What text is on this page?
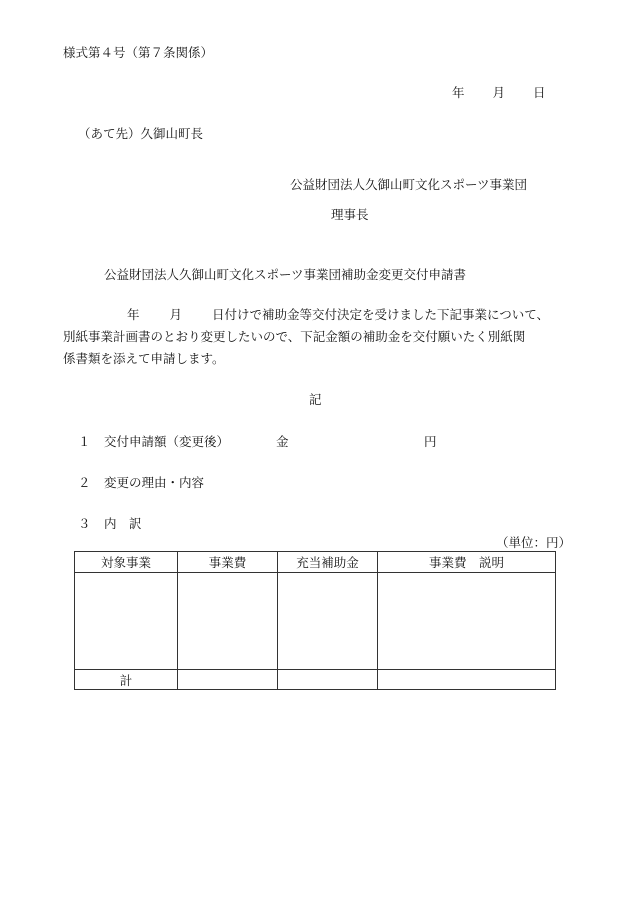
様式第４号（第７条関係）
年 月 日
（あて先）久御山町長
公益財団法人久御山町文化スポーツ事業団
理事長
公益財団法人久御山町文化スポーツ事業団補助金変更交付申請書
年 月 日付けで補助金等交付決定を受けました下記事業について、
別紙事業計画書のとおり変更したいので、下記金額の補助金を交付願いたく別紙関
係書類を添えて申請します。
記
１ 交付申請額（変更後）	金	円
２ 変更の理由・内容
３ 内　訳
（単位：円）
対象事業	事業費	充当補助金	事業費　説明

計			
